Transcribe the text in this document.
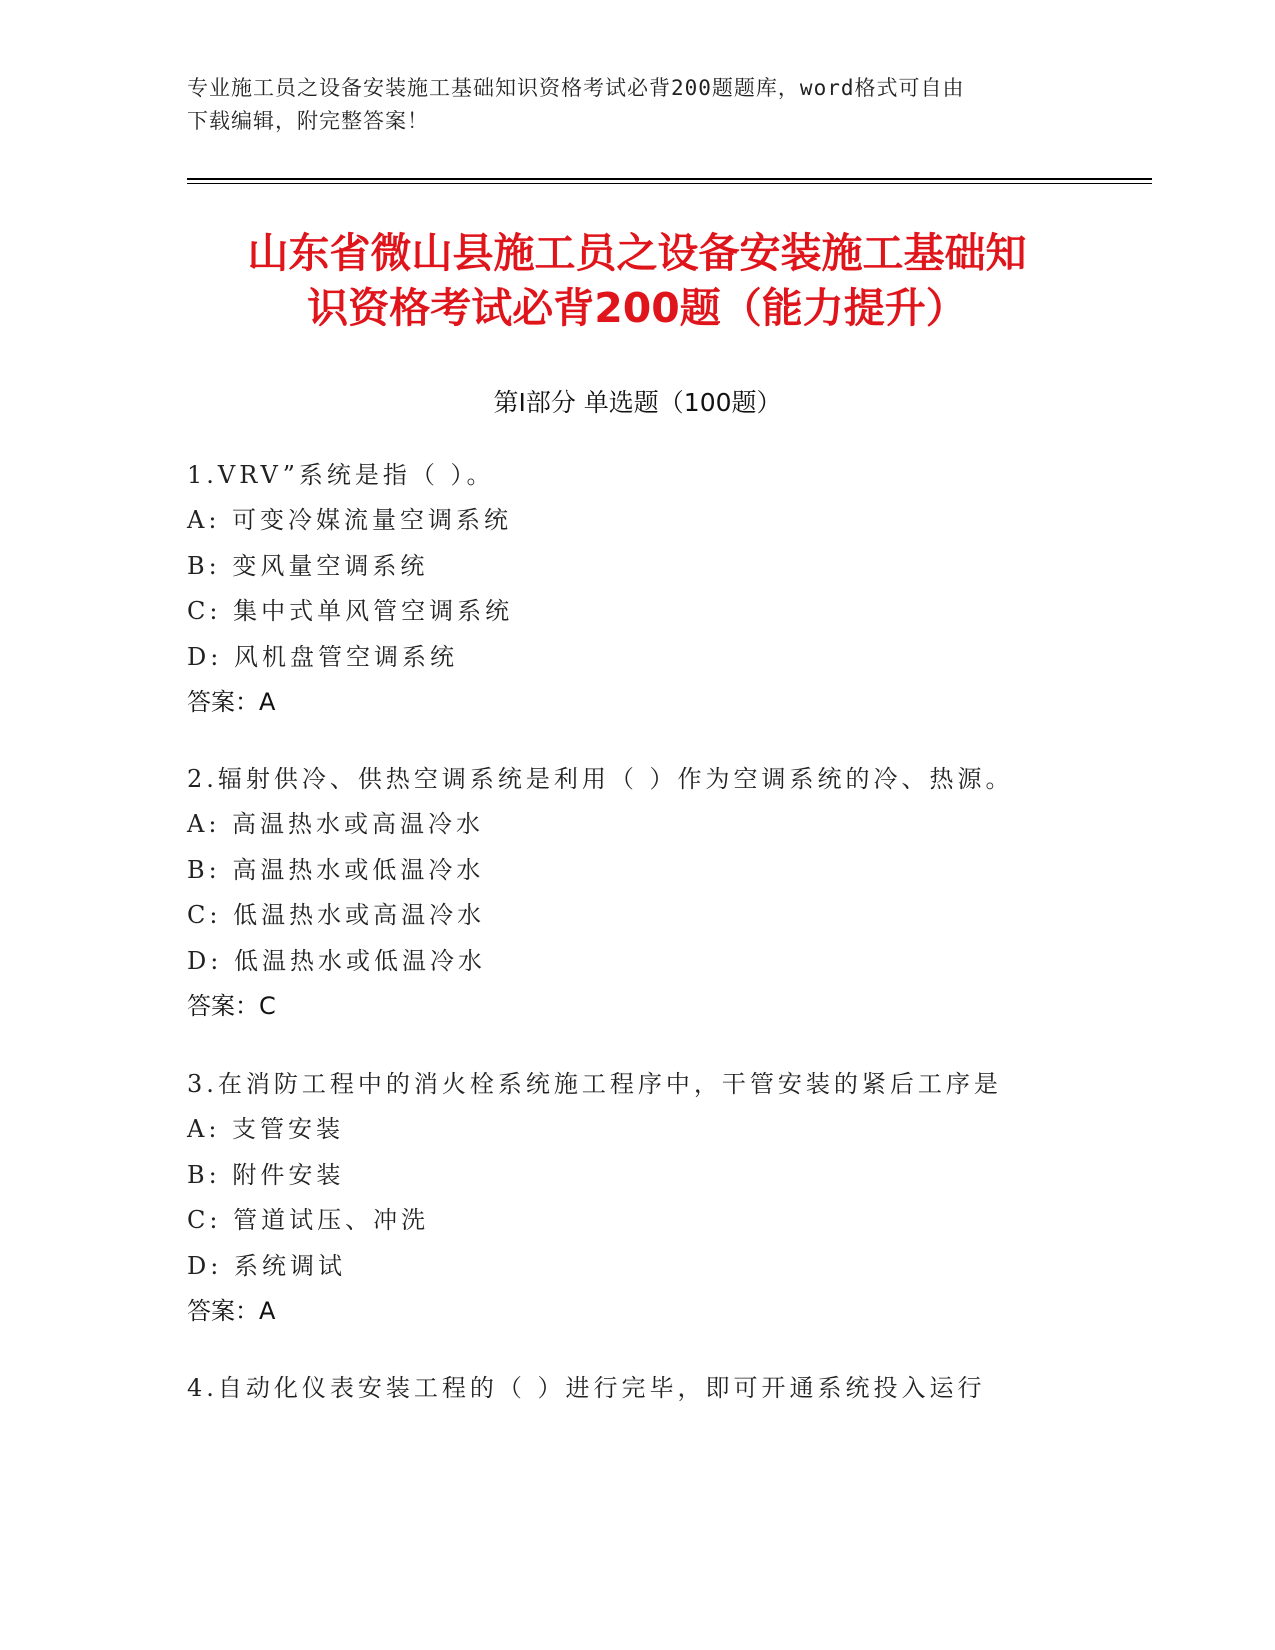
专业施工员之设备安装施工基础知识资格考试必背200题题库，word格式可自由
下载编辑，附完整答案！
山东省微山县施工员之设备安装施工基础知
识资格考试必背200题（能力提升）
第Ⅰ部分 单选题（100题）
1.VRV”系统是指（ ）。
A: 可变冷媒流量空调系统
B: 变风量空调系统
C: 集中式单风管空调系统
D: 风机盘管空调系统
答案：A
2.辐射供冷、供热空调系统是利用（ ）作为空调系统的冷、热源。
A: 高温热水或高温冷水
B: 高温热水或低温冷水
C: 低温热水或高温冷水
D: 低温热水或低温冷水
答案：C
3.在消防工程中的消火栓系统施工程序中，干管安装的紧后工序是
A: 支管安装
B: 附件安装
C: 管道试压、冲洗
D: 系统调试
答案：A
4.自动化仪表安装工程的（ ）进行完毕，即可开通系统投入运行
